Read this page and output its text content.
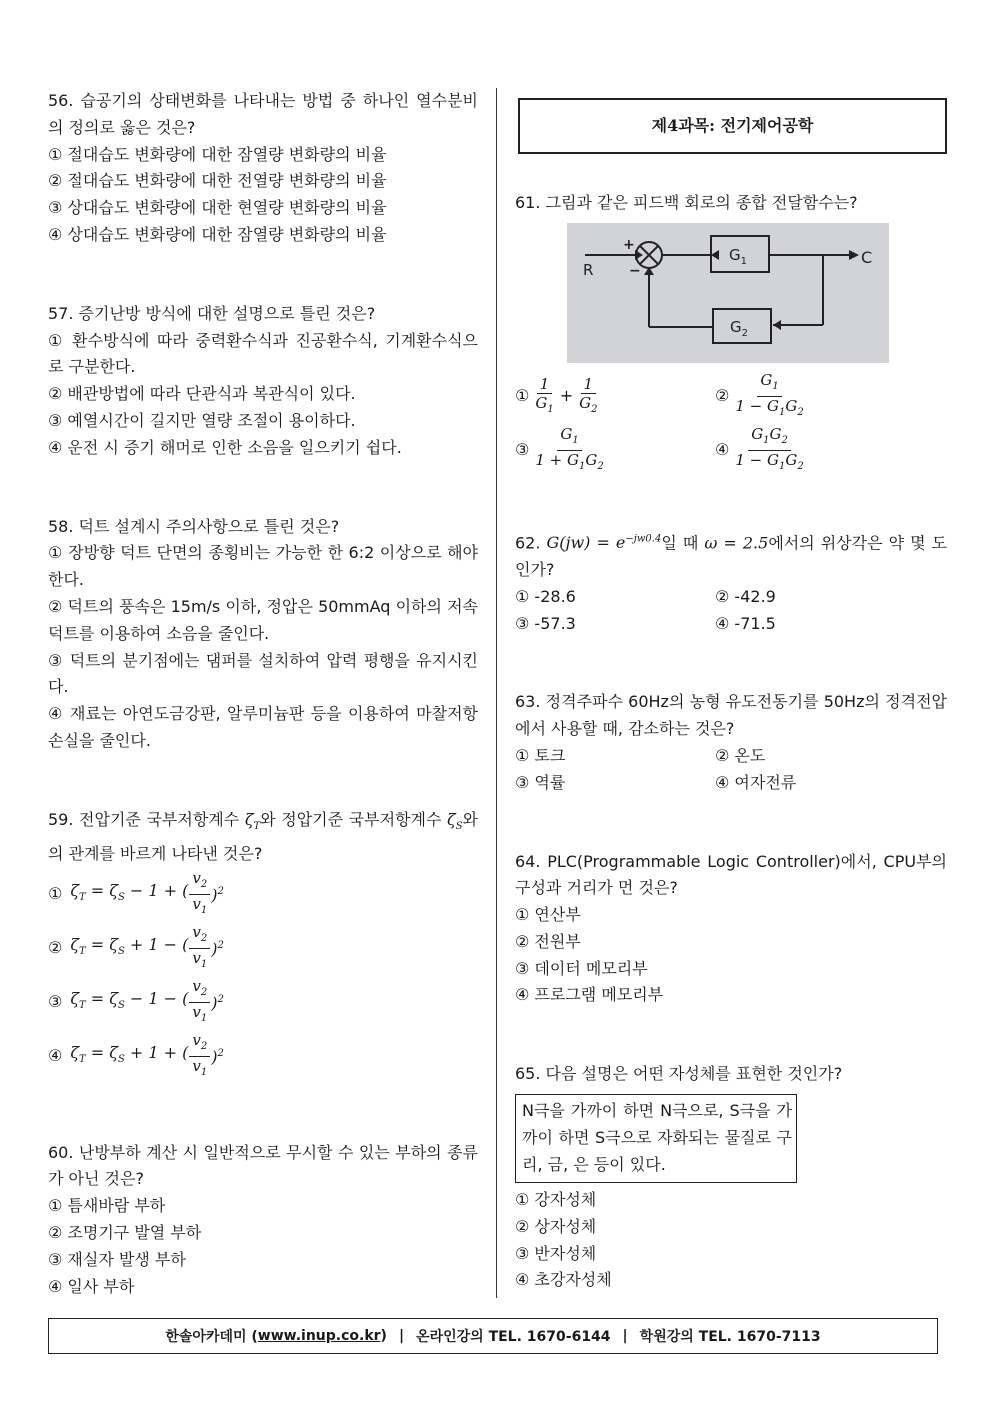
56. 습공기의 상태변화를 나타내는 방법 중 하나인 열수분비의 정의로 옳은 것은?

① 절대습도 변화량에 대한 잠열량 변화량의 비율

② 절대습도 변화량에 대한 전열량 변화량의 비율

③ 상대습도 변화량에 대한 현열량 변화량의 비율

④ 상대습도 변화량에 대한 잠열량 변화량의 비율

57. 증기난방 방식에 대한 설명으로 틀린 것은?

① 환수방식에 따라 중력환수식과 진공환수식, 기계환수식으로 구분한다.

② 배관방법에 따라 단관식과 복관식이 있다.

③ 예열시간이 길지만 열량 조절이 용이하다.

④ 운전 시 증기 해머로 인한 소음을 일으키기 쉽다.

58. 덕트 설계시 주의사항으로 틀린 것은?

① 장방향 덕트 단면의 종횡비는 가능한 한 6:2 이상으로 해야 한다.

② 덕트의 풍속은 15m/s 이하, 정압은 50mmAq 이하의 저속덕트를 이용하여 소음을 줄인다.

③ 덕트의 분기점에는 댐퍼를 설치하여 압력 평행을 유지시킨다.

④ 재료는 아연도금강판, 알루미늄판 등을 이용하여 마찰저항 손실을 줄인다.

59. 전압기준 국부저항계수 $\zeta_T$와 정압기준 국부저항계수 $\zeta_S$와의 관계를 바르게 나타낸 것은?

① $\zeta_T = \zeta_S - 1$ + ( $\frac{v_2}{v_1} )^2$
② $\zeta_T = \zeta_S + 1$ − ( $\frac{v_2}{v_1} )^2$
③ $\zeta_T = \zeta_S - 1$ − ( $\frac{v_2}{v_1} )^2$
④ $\zeta_T = \zeta_S + 1$ + ( $\frac{v_2}{v_1} )^2$

60. 난방부하 계산 시 일반적으로 무시할 수 있는 부하의 종류가 아닌 것은?

① 틈새바람 부하

② 조명기구 발열 부하

③ 재실자 발생 부하

④ 일사 부하

제4과목: 전기제어공학

61. 그림과 같은 피드백 회로의 종합 전달함수는?

R
C
+
−
$G_1$
$G_2$
① $\frac{1}{G_1} + \frac{1}{G_2}$	② $\frac{G_1}{1 - G_1G_2}$
③ $\frac{G_1}{1 + G_1G_2}$	④ $\frac{G_1G_2}{1 - G_1G_2}$

62. $G(jw) = e^{-jw0.4}$일 때 ω = 2.5에서의 위상각은 약 몇 도인가?

① -28.6	② -42.9

③ -57.3	④ -71.5

63. 정격주파수 60Hz의 농형 유도전동기를 50Hz의 정격전압에서 사용할 때, 감소하는 것은?

① 토크	② 온도

③ 역률	④ 여자전류

64. PLC(Programmable Logic Controller)에서, CPU부의 구성과 거리가 먼 것은?

① 연산부

② 전원부

③ 데이터 메모리부

④ 프로그램 메모리부

65. 다음 설명은 어떤 자성체를 표현한 것인가?

N극을 가까이 하면 N극으로, S극을 가까이 하면 S극으로 자화되는 물질로 구리, 금, 은 등이 있다.

① 강자성체

② 상자성체

③ 반자성체

④ 초강자성체

한솔아카데미 ( www.inup.co.kr ) | 온라인강의 TEL. 1670-6144 | 학원강의 TEL. 1670-7113
